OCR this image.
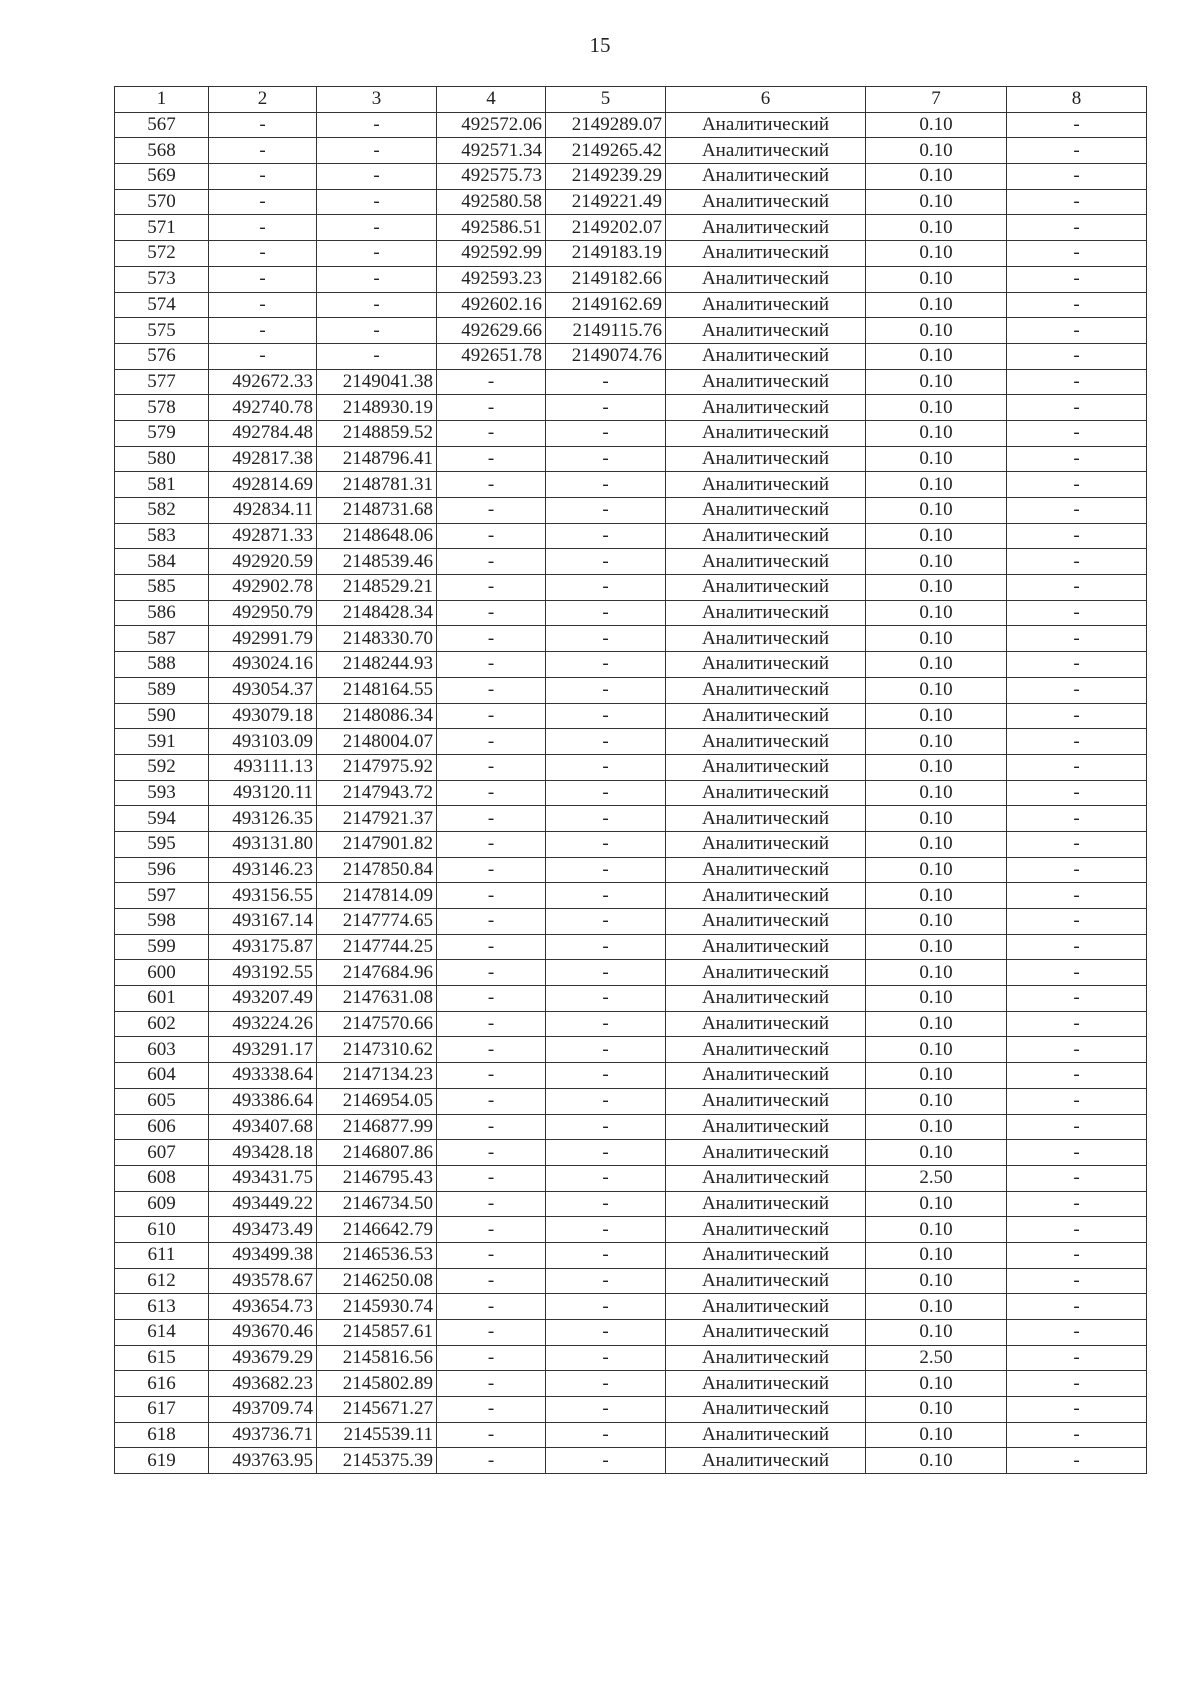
15
1	2	3	4	5	6	7	8
567	-	-	492572.06	2149289.07	Аналитический	0.10	-
568	-	-	492571.34	2149265.42	Аналитический	0.10	-
569	-	-	492575.73	2149239.29	Аналитический	0.10	-
570	-	-	492580.58	2149221.49	Аналитический	0.10	-
571	-	-	492586.51	2149202.07	Аналитический	0.10	-
572	-	-	492592.99	2149183.19	Аналитический	0.10	-
573	-	-	492593.23	2149182.66	Аналитический	0.10	-
574	-	-	492602.16	2149162.69	Аналитический	0.10	-
575	-	-	492629.66	2149115.76	Аналитический	0.10	-
576	-	-	492651.78	2149074.76	Аналитический	0.10	-
577	492672.33	2149041.38	-	-	Аналитический	0.10	-
578	492740.78	2148930.19	-	-	Аналитический	0.10	-
579	492784.48	2148859.52	-	-	Аналитический	0.10	-
580	492817.38	2148796.41	-	-	Аналитический	0.10	-
581	492814.69	2148781.31	-	-	Аналитический	0.10	-
582	492834.11	2148731.68	-	-	Аналитический	0.10	-
583	492871.33	2148648.06	-	-	Аналитический	0.10	-
584	492920.59	2148539.46	-	-	Аналитический	0.10	-
585	492902.78	2148529.21	-	-	Аналитический	0.10	-
586	492950.79	2148428.34	-	-	Аналитический	0.10	-
587	492991.79	2148330.70	-	-	Аналитический	0.10	-
588	493024.16	2148244.93	-	-	Аналитический	0.10	-
589	493054.37	2148164.55	-	-	Аналитический	0.10	-
590	493079.18	2148086.34	-	-	Аналитический	0.10	-
591	493103.09	2148004.07	-	-	Аналитический	0.10	-
592	493111.13	2147975.92	-	-	Аналитический	0.10	-
593	493120.11	2147943.72	-	-	Аналитический	0.10	-
594	493126.35	2147921.37	-	-	Аналитический	0.10	-
595	493131.80	2147901.82	-	-	Аналитический	0.10	-
596	493146.23	2147850.84	-	-	Аналитический	0.10	-
597	493156.55	2147814.09	-	-	Аналитический	0.10	-
598	493167.14	2147774.65	-	-	Аналитический	0.10	-
599	493175.87	2147744.25	-	-	Аналитический	0.10	-
600	493192.55	2147684.96	-	-	Аналитический	0.10	-
601	493207.49	2147631.08	-	-	Аналитический	0.10	-
602	493224.26	2147570.66	-	-	Аналитический	0.10	-
603	493291.17	2147310.62	-	-	Аналитический	0.10	-
604	493338.64	2147134.23	-	-	Аналитический	0.10	-
605	493386.64	2146954.05	-	-	Аналитический	0.10	-
606	493407.68	2146877.99	-	-	Аналитический	0.10	-
607	493428.18	2146807.86	-	-	Аналитический	0.10	-
608	493431.75	2146795.43	-	-	Аналитический	2.50	-
609	493449.22	2146734.50	-	-	Аналитический	0.10	-
610	493473.49	2146642.79	-	-	Аналитический	0.10	-
611	493499.38	2146536.53	-	-	Аналитический	0.10	-
612	493578.67	2146250.08	-	-	Аналитический	0.10	-
613	493654.73	2145930.74	-	-	Аналитический	0.10	-
614	493670.46	2145857.61	-	-	Аналитический	0.10	-
615	493679.29	2145816.56	-	-	Аналитический	2.50	-
616	493682.23	2145802.89	-	-	Аналитический	0.10	-
617	493709.74	2145671.27	-	-	Аналитический	0.10	-
618	493736.71	2145539.11	-	-	Аналитический	0.10	-
619	493763.95	2145375.39	-	-	Аналитический	0.10	-
